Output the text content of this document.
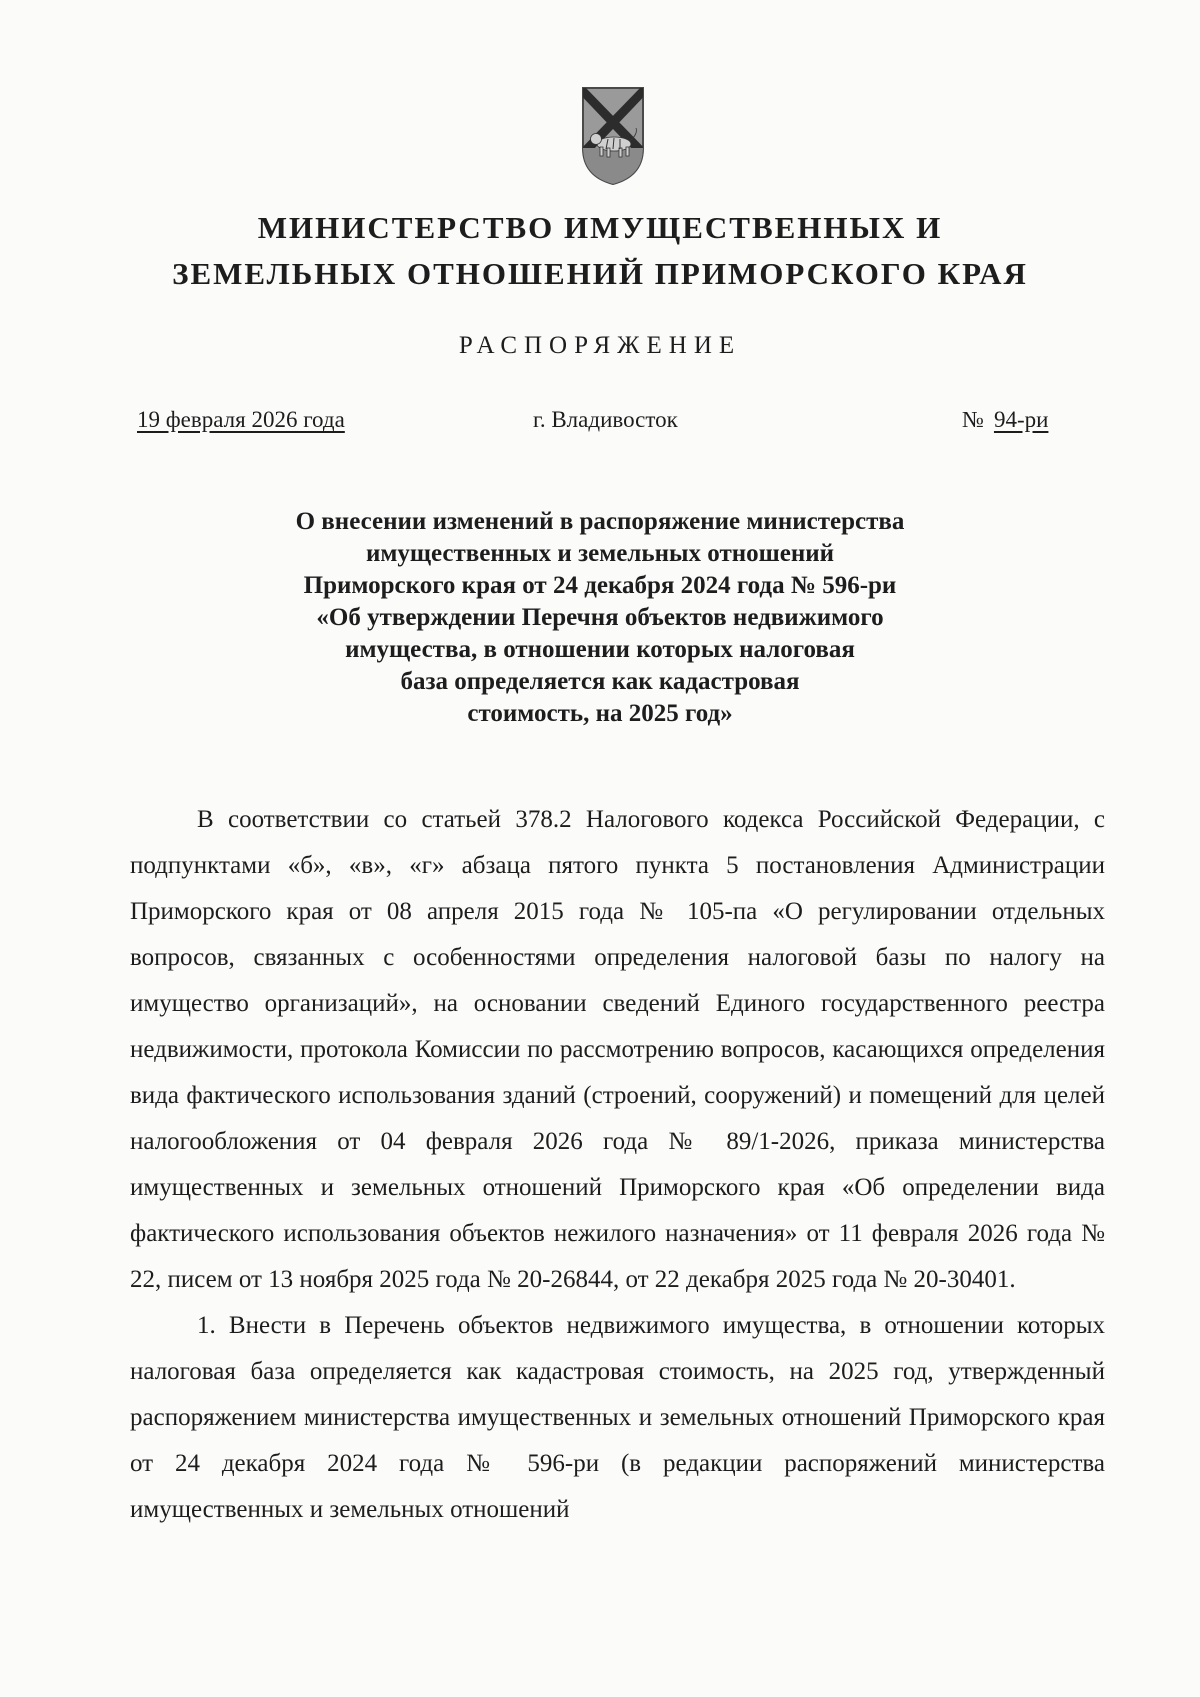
МИНИСТЕРСТВО ИМУЩЕСТВЕННЫХ И
ЗЕМЕЛЬНЫХ ОТНОШЕНИЙ ПРИМОРСКОГО КРАЯ
РАСПОРЯЖЕНИЕ
19 февраля 2026 года	г. Владивосток	№ 94-ри
О внесении изменений в распоряжение министерства
имущественных и земельных отношений
Приморского края от 24 декабря 2024 года № 596-ри
«Об утверждении Перечня объектов недвижимого
имущества, в отношении которых налоговая
база определяется как кадастровая
стоимость, на 2025 год»

В соответствии со статьей 378.2 Налогового кодекса Российской Федерации, с подпунктами «б», «в», «г» абзаца пятого пункта 5 постановления Администрации Приморского края от 08 апреля 2015 года № 105-па «О регулировании отдельных вопросов, связанных с особенностями определения налоговой базы по налогу на имущество организаций», на основании сведений Единого государственного реестра недвижимости, протокола Комиссии по рассмотрению вопросов, касающихся определения вида фактического использования зданий (строений, сооружений) и помещений для целей налогообложения от 04 февраля 2026 года № 89/1-2026, приказа министерства имущественных и земельных отношений Приморского края «Об определении вида фактического использования объектов нежилого назначения» от 11 февраля 2026 года № 22, писем от 13 ноября 2025 года № 20-26844, от 22 декабря 2025 года № 20-30401.

1. Внести в Перечень объектов недвижимого имущества, в отношении которых налоговая база определяется как кадастровая стоимость, на 2025 год, утвержденный распоряжением министерства имущественных и земельных отношений Приморского края от 24 декабря 2024 года № 596-ри (в редакции распоряжений министерства имущественных и земельных отношений
